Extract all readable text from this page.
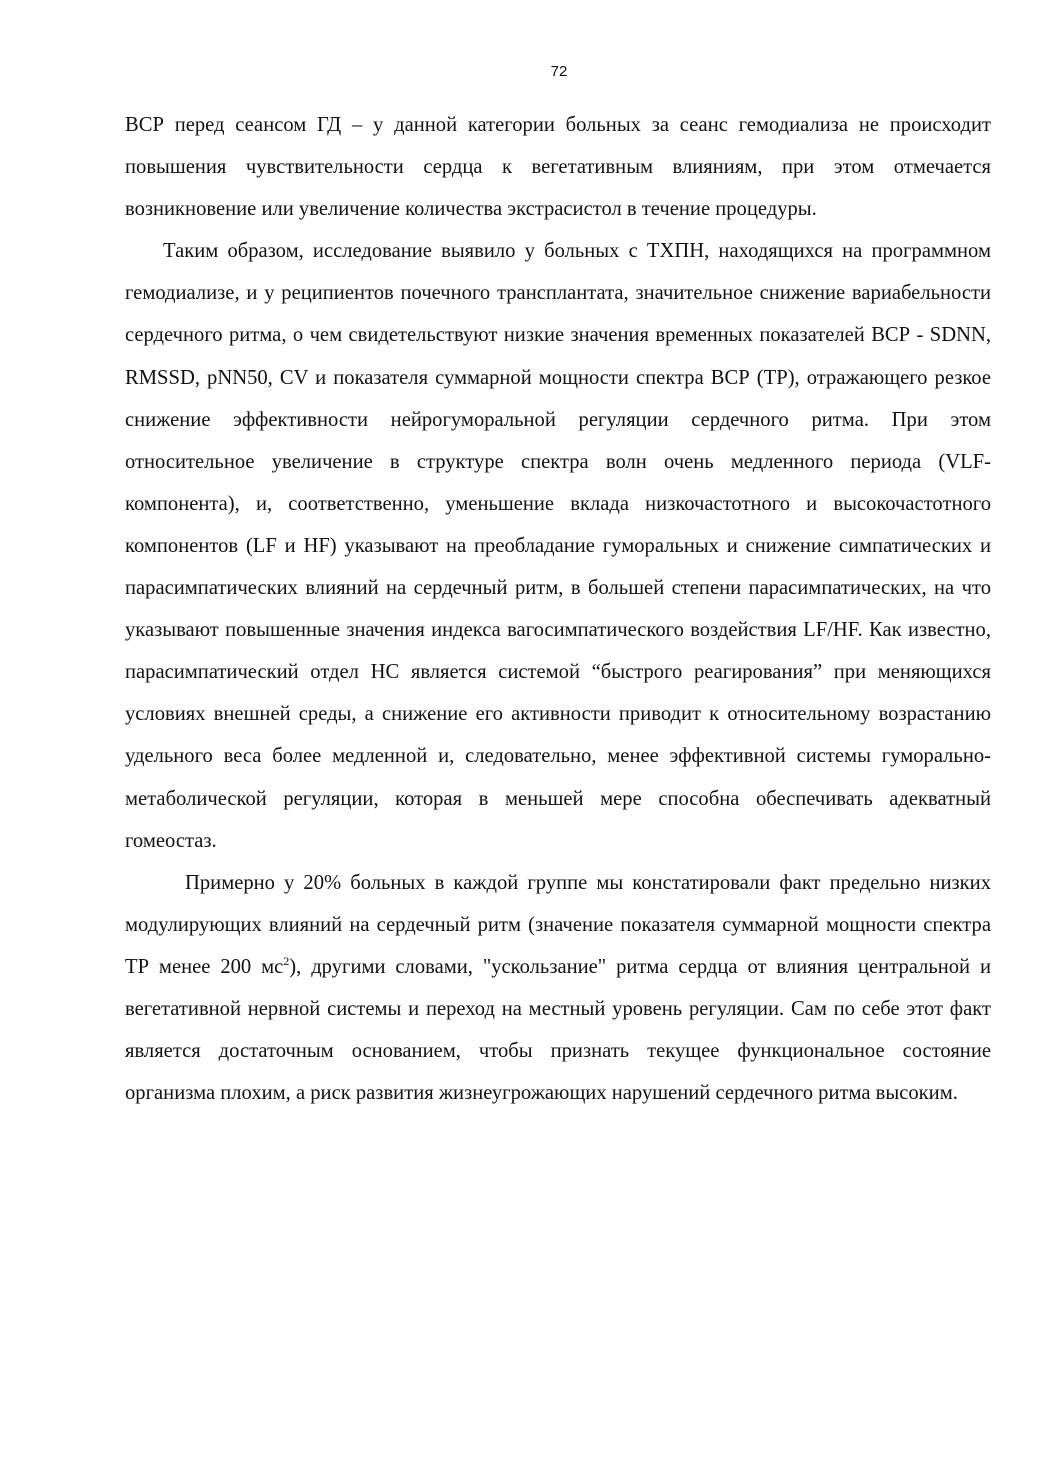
72

ВСР перед сеансом ГД – у данной категории больных за сеанс гемодиализа не происходит повышения чувствительности сердца к вегетативным влияниям, при этом отмечается возникновение или увеличение количества экстрасистол в течение процедуры.

Таким образом, исследование выявило у больных с ТХПН, находящихся на программном гемодиализе, и у реципиентов почечного трансплантата, значительное снижение вариабельности сердечного ритма, о чем свидетельствуют низкие значения временных показателей ВСР - SDNN, RMSSD, pNN50, CV и показателя суммарной мощности спектра ВСР (ТР), отражающего резкое снижение эффективности нейрогуморальной регуляции сердечного ритма. При этом относительное увеличение в структуре спектра волн очень медленного периода (VLF-компонента), и, соответственно, уменьшение вклада низкочастотного и высокочастотного компонентов (LF и HF) указывают на преобладание гуморальных и снижение симпатических и парасимпатических влияний на сердечный ритм, в большей степени парасимпатических, на что указывают повышенные значения индекса вагосимпатического воздействия LF/HF. Как известно, парасимпатический отдел НС является системой “быстрого реагирования” при меняющихся условиях внешней среды, а снижение его активности приводит к относительному возрастанию удельного веса более медленной и, следовательно, менее эффективной системы гуморально-метаболической регуляции, которая в меньшей мере способна обеспечивать адекватный гомеостаз.

Примерно у 20% больных в каждой группе мы констатировали факт предельно низких модулирующих влияний на сердечный ритм (значение показателя суммарной мощности спектра ТР менее 200 $мс^2$), другими словами, "ускользание" ритма сердца от влияния центральной и вегетативной нервной системы и переход на местный уровень регуляции. Сам по себе этот факт является достаточным основанием, чтобы признать текущее функциональное состояние организма плохим, а риск развития жизнеугрожающих нарушений сердечного ритма высоким.
